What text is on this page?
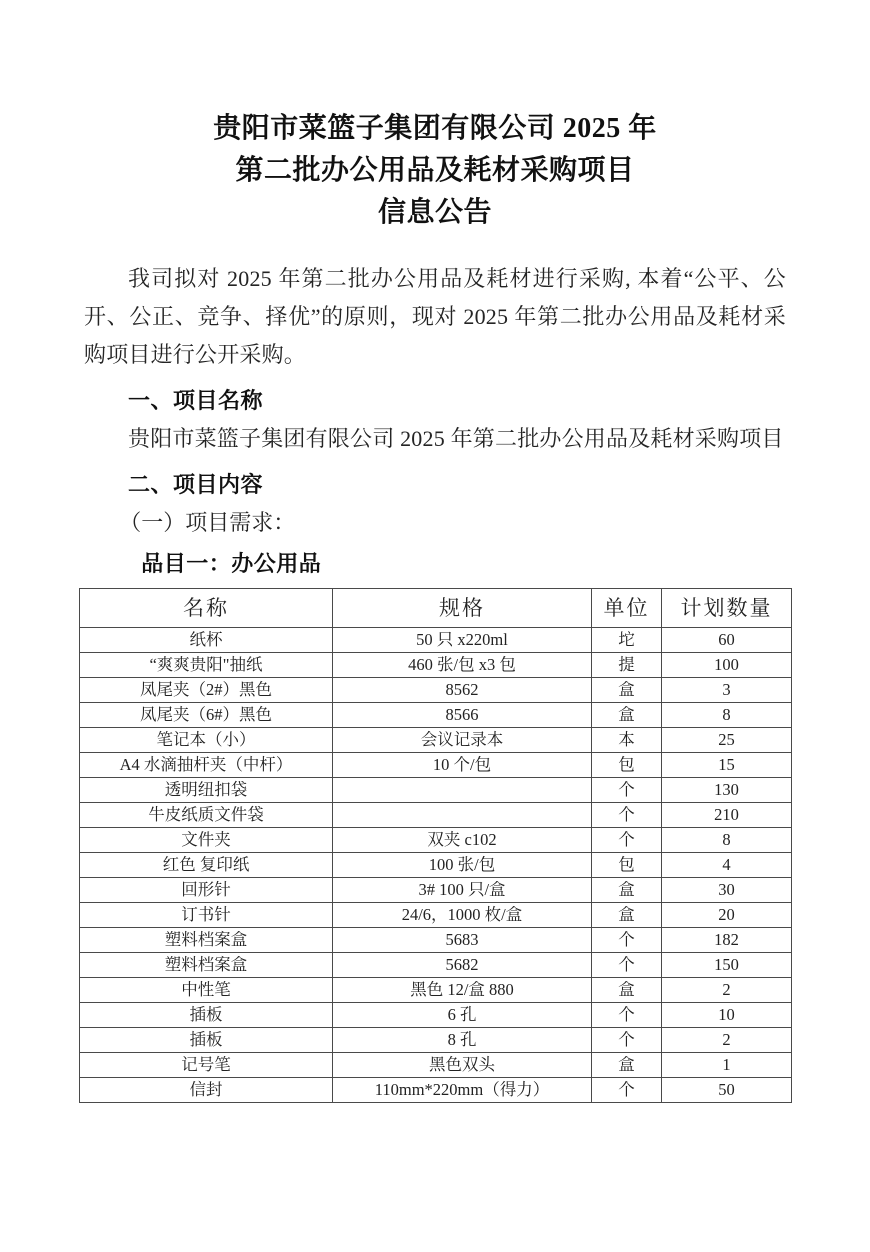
贵阳市菜篮子集团有限公司 2025 年
第二批办公用品及耗材采购项目
信息公告

我司拟对 2025 年第二批办公用品及耗材进行采购, 本着“公平、公开、公正、竞争、择优”的原则，现对 2025 年第二批办公用品及耗材采购项目进行公开采购。

一、项目名称

贵阳市菜篮子集团有限公司 2025 年第二批办公用品及耗材采购项目

二、项目内容

（一）项目需求：

品目一：办公用品
名称	规格	单位	计划数量
纸杯	50 只 x220ml	坨	60
“爽爽贵阳"抽纸	460 张/包 x3 包	提	100
凤尾夹（2#）黑色	8562	盒	3
凤尾夹（6#）黑色	8566	盒	8
笔记本（小）	会议记录本	本	25
A4 水滴抽杆夹（中杆）	10 个/包	包	15
透明纽扣袋		个	130
牛皮纸质文件袋		个	210
文件夹	双夹 c102	个	8
红色 复印纸	100 张/包	包	4
回形针	3# 100 只/盒	盒	30
订书针	24/6，1000 枚/盒	盒	20
塑料档案盒	5683	个	182
塑料档案盒	5682	个	150
中性笔	黑色 12/盒 880	盒	2
插板	6 孔	个	10
插板	8 孔	个	2
记号笔	黑色双头	盒	1
信封	110mm*220mm（得力）	个	50
